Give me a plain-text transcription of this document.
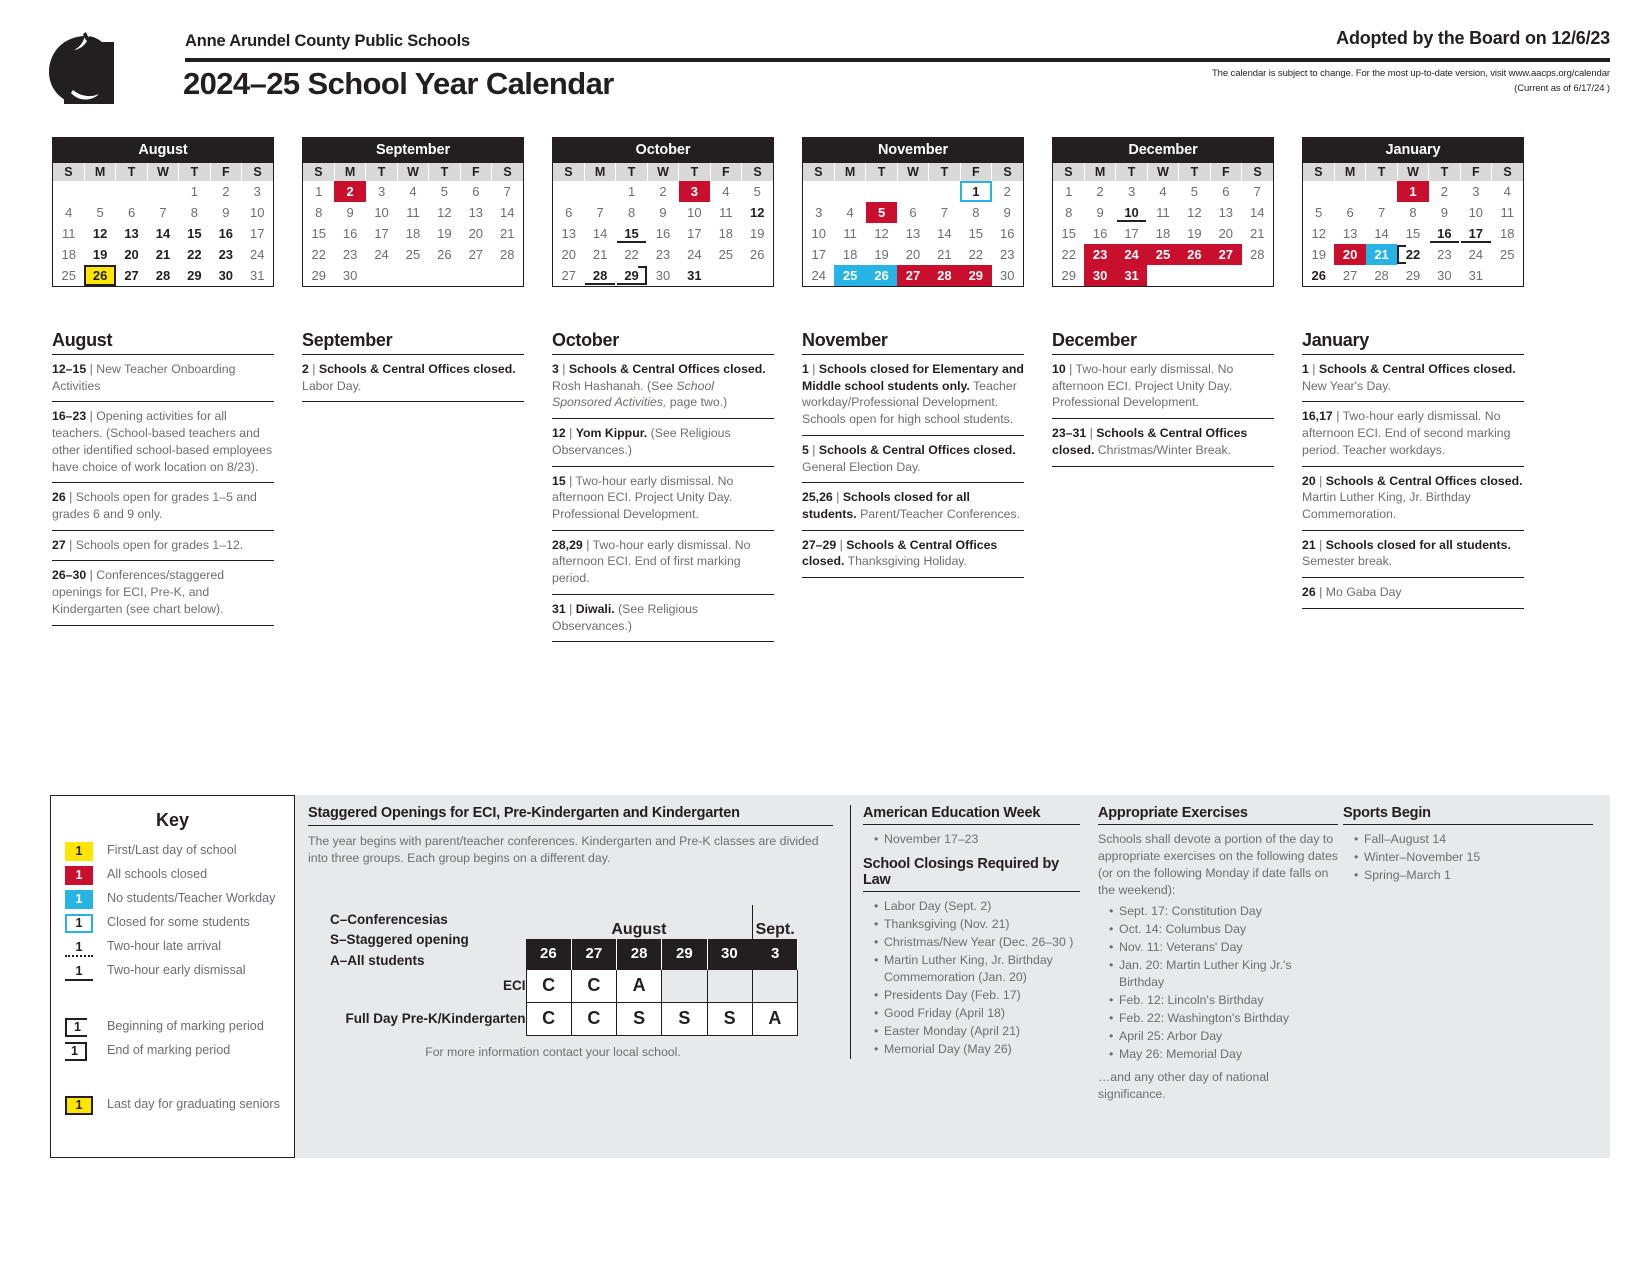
Anne Arundel County Public Schools	Adopted by the Board on 12/6/23
2024–25 School Year Calendar	The calendar is subject to change. For the most up-to-date version, visit www.aacps.org/calendar
(Current as of 6/17/24 )
August
S	M	T	W	T	F	S

				1	2	3

4	5	6	7	8	9	10

11	12	13	14	15	16	17

18	19	20	21	22	23	24

25	26	27	28	29	30	31
September
S	M	T	W	T	F	S

1	2	3	4	5	6	7

8	9	10	11	12	13	14

15	16	17	18	19	20	21

22	23	24	25	26	27	28

29	30					

October
S	M	T	W	T	F	S

		1	2	3	4	5

6	7	8	9	10	11	12

13	14	15	16	17	18	19

20	21	22	23	24	25	26

27	28	29	30	31		

November
S	M	T	W	T	F	S

					1	2

3	4	5	6	7	8	9

10	11	12	13	14	15	16

17	18	19	20	21	22	23

24	25	26	27	28	29	30
December
S	M	T	W	T	F	S

1	2	3	4	5	6	7

8	9	10	11	12	13	14

15	16	17	18	19	20	21

22	23	24	25	26	27	28

29	30	31				

January
S	M	T	W	T	F	S

			1	2	3	4

5	6	7	8	9	10	11

12	13	14	15	16	17	18

19	20	21	22	23	24	25

26	27	28	29	30	31	

August
12–15 | New Teacher Onboarding Activities
16–23 | Opening activities for all teachers. (School-based teachers and other identified school-based employees have choice of work location on 8/23).
26 | Schools open for grades 1–5 and grades 6 and 9 only.
27 | Schools open for grades 1–12.
26–30 | Conferences/staggered openings for ECI, Pre-K, and Kindergarten (see chart below).
September
2 | Schools & Central Offices closed. Labor Day.
October
3 | Schools & Central Offices closed. Rosh Hashanah. (See School Sponsored Activities, page two.)
12 | Yom Kippur. (See Religious Observances.)
15 | Two-hour early dismissal. No afternoon ECI. Project Unity Day. Professional Development.
28,29 | Two-hour early dismissal. No afternoon ECI. End of first marking period.
31 | Diwali. (See Religious Observances.)
November
1 | Schools closed for Elementary and Middle school students only. Teacher workday/Professional Development. Schools open for high school students.
5 | Schools & Central Offices closed. General Election Day.
25,26 | Schools closed for all students. Parent/Teacher Conferences.
27–29 | Schools & Central Offices closed. Thanksgiving Holiday.
December
10 | Two-hour early dismissal. No afternoon ECI. Project Unity Day. Professional Development.
23–31 | Schools & Central Offices closed. Christmas/Winter Break.
January
1 | Schools & Central Offices closed. New Year's Day.
16,17 | Two-hour early dismissal. No afternoon ECI. End of second marking period. Teacher workdays.
20 | Schools & Central Offices closed. Martin Luther King, Jr. Birthday Commemoration.
21 | Schools closed for all students. Semester break.
26 | Mo Gaba Day
Key
1	First/Last day of school
1	All schools closed
1	No students/Teacher Workday
1	Closed for some students
1	Two-hour late arrival
1	Two-hour early dismissal
1	Beginning of marking period
1	End of marking period
1	Last day for graduating seniors
Staggered Openings for ECI, Pre-Kindergarten and Kindergarten
The year begins with parent/teacher conferences. Kindergarten and Pre-K classes are divided into three groups. Each group begins on a different day.
C–Conferencesias
S–Staggered opening
A–All students
	August					Sept.
	26	27	28	29	30	3
ECI	C	C	A			
Full Day Pre-K/Kindergarten	C	C	S	S	S	A
For more information contact your local school.
American Education Week
• November 17–23
School Closings Required by Law
• Labor Day (Sept. 2)
• Thanksgiving (Nov. 21)
• Christmas/New Year (Dec. 26–30 )
• Martin Luther King, Jr. Birthday Commemoration (Jan. 20)
• Presidents Day (Feb. 17)
• Good Friday (April 18)
• Easter Monday (April 21)
• Memorial Day (May 26)
Appropriate Exercises
Schools shall devote a portion of the day to appropriate exercises on the following dates (or on the following Monday if date falls on the weekend):
• Sept. 17: Constitution Day
• Oct. 14: Columbus Day
• Nov. 11: Veterans' Day
• Jan. 20: Martin Luther King Jr.'s Birthday
• Feb. 12: Lincoln's Birthday
• Feb. 22: Washington's Birthday
• April 25: Arbor Day
• May 26: Memorial Day
…and any other day of national significance.
Sports Begin
• Fall–August 14
• Winter–November 15
• Spring–March 1
